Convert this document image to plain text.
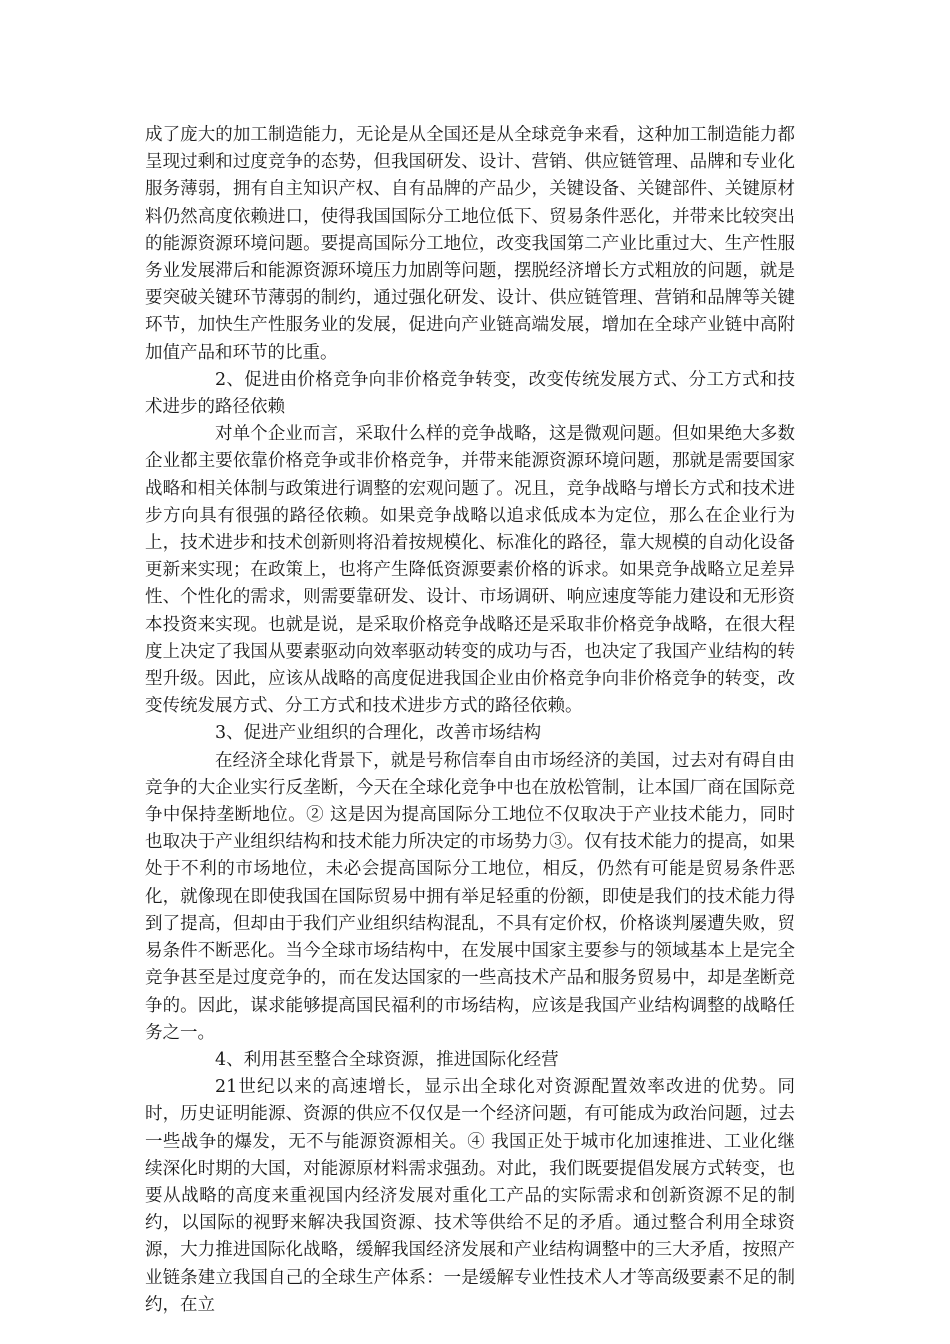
成了庞大的加工制造能力，无论是从全国还是从全球竞争来看，这种加工制造能力都呈现过剩和过度竞争的态势，但我国研发、设计、营销、供应链管理、品牌和专业化服务薄弱，拥有自主知识产权、自有品牌的产品少，关键设备、关键部件、关键原材料仍然高度依赖进口，使得我国国际分工地位低下、贸易条件恶化，并带来比较突出的能源资源环境问题。要提高国际分工地位，改变我国第二产业比重过大、生产性服务业发展滞后和能源资源环境压力加剧等问题，摆脱经济增长方式粗放的问题，就是要突破关键环节薄弱的制约，通过强化研发、设计、供应链管理、营销和品牌等关键环节，加快生产性服务业的发展，促进向产业链高端发展，增加在全球产业链中高附加值产品和环节的比重。

2、促进由价格竞争向非价格竞争转变，改变传统发展方式、分工方式和技术进步的路径依赖

对单个企业而言，采取什么样的竞争战略，这是微观问题。但如果绝大多数企业都主要依靠价格竞争或非价格竞争，并带来能源资源环境问题，那就是需要国家战略和相关体制与政策进行调整的宏观问题了。况且，竞争战略与增长方式和技术进步方向具有很强的路径依赖。如果竞争战略以追求低成本为定位，那么在企业行为上，技术进步和技术创新则将沿着按规模化、标准化的路径，靠大规模的自动化设备更新来实现；在政策上，也将产生降低资源要素价格的诉求。如果竞争战略立足差异性、个性化的需求，则需要靠研发、设计、市场调研、响应速度等能力建设和无形资本投资来实现。也就是说，是采取价格竞争战略还是采取非价格竞争战略，在很大程度上决定了我国从要素驱动向效率驱动转变的成功与否，也决定了我国产业结构的转型升级。因此，应该从战略的高度促进我国企业由价格竞争向非价格竞争的转变，改变传统发展方式、分工方式和技术进步方式的路径依赖。

3、促进产业组织的合理化，改善市场结构

在经济全球化背景下，就是号称信奉自由市场经济的美国，过去对有碍自由竞争的大企业实行反垄断，今天在全球化竞争中也在放松管制，让本国厂商在国际竞争中保持垄断地位。② 这是因为提高国际分工地位不仅取决于产业技术能力，同时也取决于产业组织结构和技术能力所决定的市场势力③。仅有技术能力的提高，如果处于不利的市场地位，未必会提高国际分工地位，相反，仍然有可能是贸易条件恶化，就像现在即使我国在国际贸易中拥有举足轻重的份额，即使是我们的技术能力得到了提高，但却由于我们产业组织结构混乱，不具有定价权，价格谈判屡遭失败，贸易条件不断恶化。当今全球市场结构中，在发展中国家主要参与的领域基本上是完全竞争甚至是过度竞争的，而在发达国家的一些高技术产品和服务贸易中，却是垄断竞争的。因此，谋求能够提高国民福利的市场结构，应该是我国产业结构调整的战略任务之一。

4、利用甚至整合全球资源，推进国际化经营

21世纪以来的高速增长，显示出全球化对资源配置效率改进的优势。同时，历史证明能源、资源的供应不仅仅是一个经济问题，有可能成为政治问题，过去一些战争的爆发，无不与能源资源相关。④ 我国正处于城市化加速推进、工业化继续深化时期的大国，对能源原材料需求强劲。对此，我们既要提倡发展方式转变，也要从战略的高度来重视国内经济发展对重化工产品的实际需求和创新资源不足的制约，以国际的视野来解决我国资源、技术等供给不足的矛盾。通过整合利用全球资源，大力推进国际化战略，缓解我国经济发展和产业结构调整中的三大矛盾，按照产业链条建立我国自己的全球生产体系：一是缓解专业性技术人才等高级要素不足的制约，在立
